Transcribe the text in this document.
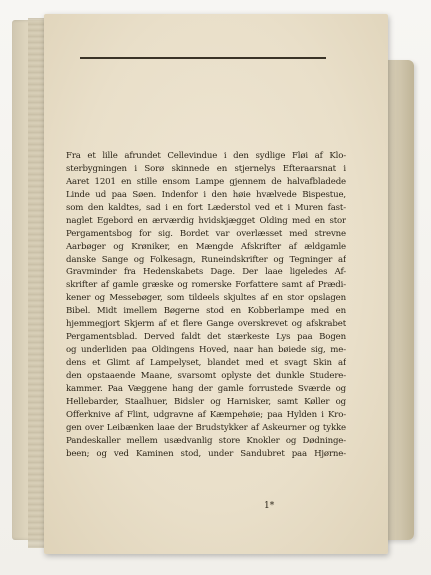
Fra et lille afrundet Cellevindue i den sydlige Fløi af Klo-
sterbygningen i Sorø skinnede en stjernelys Efteraarsnat i
Aaret 1201 en stille ensom Lampe gjennem de halvafbladede
Linde ud paa Søen. Indenfor i den høie hvælvede Bispestue,
som den kaldtes, sad i en fort Læderstol ved et i Muren fast-
naglet Egebord en ærværdig hvidskjægget Olding med en stor
Pergamentsbog for sig. Bordet var overlæsset med strevne
Aarbøger og Krøniker, en Mængde Afskrifter af ældgamle
danske Sange og Folkesagn, Runeindskrifter og Tegninger af
Gravminder fra Hedenskabets Dage. Der laae ligeledes Af-
skrifter af gamle græske og romerske Forfattere samt af Prædi-
kener og Messebøger, som tildeels skjultes af en stor opslagen
Bibel. Midt imellem Bøgerne stod en Kobberlampe med en
hjemmegjort Skjerm af et flere Gange overskrevet og afskrabet
Pergamentsblad. Derved faldt det stærkeste Lys paa Bogen
og underliden paa Oldingens Hoved, naar han bøiede sig, me-
dens et Glimt af Lampelyset, blandet med et svagt Skin af
den opstaaende Maane, svarsomt oplyste det dunkle Studere-
kammer. Paa Væggene hang der gamle forrustede Sværde og
Hellebarder, Staalhuer, Bidsler og Harnisker, samt Køller og
Offerknive af Flint, udgravne af Kæmpehøie; paa Hylden i Kro-
gen over Leibænken laae der Brudstykker af Askeurner og tykke
Pandeskaller mellem usædvanlig store Knokler og Dødninge-
been; og ved Kaminen stod, under Sandubret paa Hjørne-
1*
